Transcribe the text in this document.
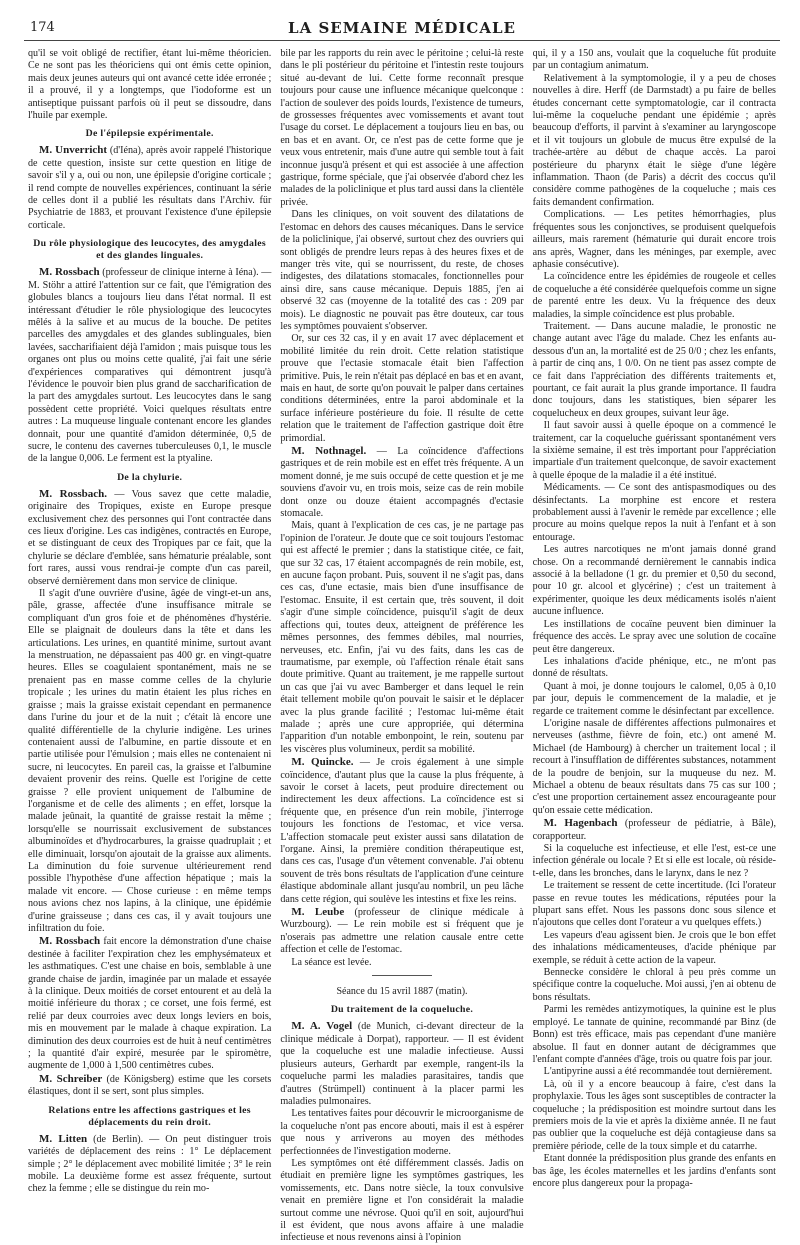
174	LA SEMAINE MÉDICALE

qu'il se voit obligé de rectifier, étant lui-même théoricien. Ce ne sont pas les théoriciens qui ont émis cette opinion, mais deux jeunes auteurs qui ont avancé cette idée erronée ; il a prouvé, il y a longtemps, que l'iodoforme est un antiseptique puissant parfois où il peut se dissoudre, dans l'huile par exemple.

De l'épilepsie expérimentale.

M. Unverricht (d'Iéna), après avoir rappelé l'historique de cette question, insiste sur cette question en litige de savoir s'il y a, oui ou non, une épilepsie d'origine corticale ; il rend compte de nouvelles expériences, continuant la série de celles dont il a publié les résultats dans l'Archiv. für Psychiatrie de 1883, et prouvant l'existence d'une épilepsie corticale.

Du rôle physiologique des leucocytes, des amygdales et des glandes linguales.

M. Rossbach (professeur de clinique interne à Iéna). — M. Stöhr a attiré l'attention sur ce fait, que l'émigration des globules blancs a toujours lieu dans l'état normal. Il est intéressant d'étudier le rôle physiologique des leucocytes mêlés à la salive et au mucus de la bouche. De petites parcelles des amygdales et des glandes sublinguales, bien lavées, saccharifiaient déjà l'amidon ; mais puisque tous les organes ont plus ou moins cette qualité, j'ai fait une série d'expériences comparatives qui démontrent jusqu'à l'évidence le pouvoir bien plus grand de saccharification de la part des amygdales surtout. Les leucocytes dans le sang possèdent cette propriété. Voici quelques résultats entre autres : La muqueuse linguale contenant encore les glandes donnait, pour une quantité d'amidon déterminée, 0,5 de sucre, le contenu des cavernes tuberculeuses 0,1, le muscle de la langue 0,006. Le ferment est la ptyaline.

De la chylurie.

M. Rossbach. — Vous savez que cette maladie, originaire des Tropiques, existe en Europe presque exclusivement chez des personnes qui l'ont contractée dans ces lieux d'origine. Les cas indigènes, contractés en Europe, et se distinguant de ceux des Tropiques par ce fait, que la chylurie se déclare d'emblée, sans hématurie préalable, sont fort rares, aussi vous rendrai-je compte d'un cas pareil, observé dernièrement dans mon service de clinique.

Il s'agit d'une ouvrière d'usine, âgée de vingt-et-un ans, pâle, grasse, affectée d'une insuffisance mitrale se compliquant d'un gros foie et de phénomènes d'hystérie. Elle se plaignait de douleurs dans la tête et dans les articulations. Les urines, en quantité minime, surtout avant la menstruation, ne dépassaient pas 400 gr. en vingt-quatre heures. Elles se coagulaient spontanément, mais ne se prenaient pas en masse comme celles de la chylurie tropicale ; les urines du matin étaient les plus riches en graisse ; mais la graisse existait cependant en permanence dans l'urine du jour et de la nuit ; c'était là encore une qualité différentielle de la chylurie indigène. Les urines contenaient aussi de l'albumine, en partie dissoute et en partie utilisée pour l'émulsion ; mais elles ne contenaient ni sucre, ni leucocytes. En pareil cas, la graisse et l'albumine devaient provenir des reins. Quelle est l'origine de cette graisse ? elle provient uniquement de l'albumine de l'organisme et de celle des aliments ; en effet, lorsque la malade jeûnait, la quantité de graisse restait la même ; lorsqu'elle se nourrissait exclusivement de substances albuminoïdes et d'hydrocarbures, la graisse quadruplait ; et elle diminuait, lorsqu'on ajoutait de la graisse aux aliments. La diminution du foie survenue ultérieurement rend possible l'hypothèse d'une affection hépatique ; mais la malade vit encore. — Chose curieuse : en même temps nous avions chez nos lapins, à la clinique, une épidémie d'urine graisseuse ; dans ces cas, il y avait toujours une infiltration du foie.

M. Rossbach fait encore la démonstration d'une chaise destinée à faciliter l'expiration chez les emphysémateux et les asthmatiques. C'est une chaise en bois, semblable à une grande chaise de jardin, imaginée par un malade et essayée à la clinique. Deux moitiés de corset entourent et au delà la moitié inférieure du thorax ; ce corset, une fois fermé, est relié par deux courroies avec deux longs leviers en bois, mis en mouvement par le malade à chaque expiration. La diminution des deux courroies est de huit à neuf centimètres ; la quantité d'air expiré, mesurée par le spiromètre, augmente de 1,000 à 1,500 centimètres cubes.

M. Schreiber (de Königsberg) estime que les corsets élastiques, dont il se sert, sont plus simples.

Relations entre les affections gastriques et les déplacements du rein droit.

M. Litten (de Berlin). — On peut distinguer trois variétés de déplacement des reins : 1° Le déplacement simple ; 2° le déplacement avec mobilité limitée ; 3° le rein mobile. La deuxième forme est assez fréquente, surtout chez la femme ; elle se distingue du rein mo-

bile par les rapports du rein avec le péritoine ; celui-là reste dans le pli postérieur du péritoine et l'intestin reste toujours situé au-devant de lui. Cette forme reconnaît presque toujours pour cause une influence mécanique quelconque : l'action de soulever des poids lourds, l'existence de tumeurs, de grossesses fréquentes avec vomissements et avant tout l'usage du corset. Le déplacement a toujours lieu en bas, ou en bas et en avant. Or, ce n'est pas de cette forme que je veux vous entretenir, mais d'une autre qui semble tout à fait inconnue jusqu'à présent et qui est associée à une affection gastrique, forme spéciale, que j'ai observée d'abord chez les malades de la policlinique et plus tard aussi dans la clientèle privée.

Dans les cliniques, on voit souvent des dilatations de l'estomac en dehors des causes mécaniques. Dans le service de la policlinique, j'ai observé, surtout chez des ouvriers qui sont obligés de prendre leurs repas à des heures fixes et de manger très vite, qui se nourrissent, du reste, de choses indigestes, des dilatations stomacales, fonctionnelles pour ainsi dire, sans cause mécanique. Depuis 1885, j'en ai observé 32 cas (moyenne de la totalité des cas : 209 par mois). Le diagnostic ne pouvait pas être douteux, car tous les symptômes pouvaient s'observer.

Or, sur ces 32 cas, il y en avait 17 avec déplacement et mobilité limitée du rein droit. Cette relation statistique prouve que l'ectasie stomacale était bien l'affection primitive. Puis, le rein n'était pas déplacé en bas et en avant, mais en haut, de sorte qu'on pouvait le palper dans certaines conditions déterminées, entre la paroi abdominale et la surface inférieure postérieure du foie. Il résulte de cette relation que le traitement de l'affection gastrique doit être primordial.

M. Nothnagel. — La coïncidence d'affections gastriques et de rein mobile est en effet très fréquente. A un moment donné, je me suis occupé de cette question et je me souviens d'avoir vu, en trois mois, seize cas de rein mobile dont onze ou douze étaient accompagnés d'ectasie stomacale.

Mais, quant à l'explication de ces cas, je ne partage pas l'opinion de l'orateur. Je doute que ce soit toujours l'estomac qui est affecté le premier ; dans la statistique citée, ce fait, que sur 32 cas, 17 étaient accompagnés de rein mobile, est, en aucune façon probant. Puis, souvent il ne s'agit pas, dans ces cas, d'une ectasie, mais bien d'une insuffisance de l'estomac. Ensuite, il est certain que, très souvent, il doit s'agir d'une simple coïncidence, puisqu'il s'agit de deux affections qui, toutes deux, atteignent de préférence les mêmes personnes, des femmes débiles, mal nourries, nerveuses, etc. Enfin, j'ai vu des faits, dans les cas de traumatisme, par exemple, où l'affection rénale était sans doute primitive. Quant au traitement, je me rappelle surtout un cas que j'ai vu avec Bamberger et dans lequel le rein était tellement mobile qu'on pouvait le saisir et le déplacer avec la plus grande facilité ; l'estomac lui-même était malade ; après une cure appropriée, qui détermina l'apparition d'un notable embonpoint, le rein, soutenu par les viscères plus volumineux, perdit sa mobilité.

M. Quincke. — Je crois également à une simple coïncidence, d'autant plus que la cause la plus fréquente, à savoir le corset à lacets, peut produire directement ou indirectement les deux affections. La coïncidence est si fréquente que, en présence d'un rein mobile, j'interroge toujours les fonctions de l'estomac, et vice versa. L'affection stomacale peut exister aussi sans dilatation de l'organe. Ainsi, la première condition thérapeutique est, dans ces cas, l'usage d'un vêtement convenable. J'ai obtenu souvent de très bons résultats de l'application d'une ceinture élastique abdominale allant jusqu'au nombril, un peu lâche dans cette région, qui soulève les intestins et fixe les reins.

M. Leube (professeur de clinique médicale à Wurzbourg). — Le rein mobile est si fréquent que je n'oserais pas admettre une relation causale entre cette affection et celle de l'estomac.

La séance est levée.

Séance du 15 avril 1887 (matin).
Du traitement de la coqueluche.

M. A. Vogel (de Munich, ci-devant directeur de la clinique médicale à Dorpat), rapporteur. — Il est évident que la coqueluche est une maladie infectieuse. Aussi plusieurs auteurs, Gerhardt par exemple, rangent-ils la coqueluche parmi les maladies parasitaires, tandis que d'autres (Strümpell) continuent à la placer parmi les maladies pulmonaires.

Les tentatives faites pour découvrir le microorganisme de la coqueluche n'ont pas encore abouti, mais il est à espérer que nous y arriverons au moyen des méthodes perfectionnées de l'investigation moderne.

Les symptômes ont été différemment classés. Jadis on étudiait en première ligne les symptômes gastriques, les vomissements, etc. Dans notre siècle, la toux convulsive venait en première ligne et l'on considérait la maladie surtout comme une névrose. Quoi qu'il en soit, aujourd'hui il est évident, que nous avons affaire à une maladie infectieuse et nous revenons ainsi à l'opinion

qui, il y a 150 ans, voulait que la coqueluche fût produite par un contagium animatum.

Relativement à la symptomologie, il y a peu de choses nouvelles à dire. Herff (de Darmstadt) a pu faire de belles études concernant cette symptomatologie, car il contracta lui-même la coqueluche pendant une épidémie ; après beaucoup d'efforts, il parvint à s'examiner au laryngoscope et il vit toujours un globule de mucus être expulsé de la trachée-artère au début de chaque accès. La paroi postérieure du pharynx était le siège d'une légère inflammation. Thaon (de Paris) a décrit des coccus qu'il considère comme pathogènes de la coqueluche ; mais ces faits demandent confirmation.

Complications. — Les petites hémorrhagies, plus fréquentes sous les conjonctives, se produisent quelquefois ailleurs, mais rarement (hématurie qui durait encore trois ans après, Wagner, dans les méninges, par exemple, avec aphasie consécutive).

La coïncidence entre les épidémies de rougeole et celles de coqueluche a été considérée quelquefois comme un signe de parenté entre les deux. Vu la fréquence des deux maladies, la simple coïncidence est plus probable.

Traitement. — Dans aucune maladie, le pronostic ne change autant avec l'âge du malade. Chez les enfants au-dessous d'un an, la mortalité est de 25 0/0 ; chez les enfants, à partir de cinq ans, 1 0/0. On ne tient pas assez compte de ce fait dans l'appréciation des différents traitements et, pourtant, ce fait aurait la plus grande importance. Il faudra donc toujours, dans les statistiques, bien séparer les coquelucheux en deux groupes, suivant leur âge.

Il faut savoir aussi à quelle époque on a commencé le traitement, car la coqueluche guérissant spontanément vers la sixième semaine, il est très important pour l'appréciation impartiale d'un traitement quelconque, de savoir exactement à quelle époque de la maladie il a été institué.

Médicaments. — Ce sont des antispasmodiques ou des désinfectants. La morphine est encore et restera probablement aussi à l'avenir le remède par excellence ; elle procure au moins quelque repos la nuit à l'enfant et à son entourage.

Les autres narcotiques ne m'ont jamais donné grand chose. On a recommandé dernièrement le cannabis indica associé à la belladone (1 gr. du premier et 0,50 du second, pour 10 gr. alcool et glycérine) ; c'est un traitement à expérimenter, quoique les deux médicaments isolés n'aient aucune influence.

Les instillations de cocaïne peuvent bien diminuer la fréquence des accès. Le spray avec une solution de cocaïne peut être dangereux.

Les inhalations d'acide phénique, etc., ne m'ont pas donné de résultats.

Quant à moi, je donne toujours le calomel, 0,05 à 0,10 par jour, depuis le commencement de la maladie, et je regarde ce traitement comme le désinfectant par excellence.

L'origine nasale de différentes affections pulmonaires et nerveuses (asthme, fièvre de foin, etc.) ont amené M. Michael (de Hambourg) à chercher un traitement local ; il recourt à l'insufflation de différentes substances, notamment de la poudre de benjoin, sur la muqueuse du nez. M. Michael a obtenu de beaux résultats dans 75 cas sur 100 ; c'est une proportion certainement assez encourageante pour qu'on essaie cette médication.

M. Hagenbach (professeur de pédiatrie, à Bâle), corapporteur.

Si la coqueluche est infectieuse, et elle l'est, est-ce une infection générale ou locale ? Et si elle est locale, où réside-t-elle, dans les bronches, dans le larynx, dans le nez ?

Le traitement se ressent de cette incertitude. (Ici l'orateur passe en revue toutes les médications, réputées pour la plupart sans effet. Nous les passons donc sous silence et n'ajoutons que celles dont l'orateur a vu quelques effets.)

Les vapeurs d'eau agissent bien. Je crois que le bon effet des inhalations médicamenteuses, d'acide phénique par exemple, se réduit à cette action de la vapeur.

Bennecke considère le chloral à peu près comme un spécifique contre la coqueluche. Moi aussi, j'en ai obtenu de bons résultats.

Parmi les remèdes antizymotiques, la quinine est le plus employé. Le tannate de quinine, recommandé par Binz (de Bonn) est très efficace, mais pas cependant d'une manière absolue. Il faut en donner autant de décigrammes que l'enfant compte d'années d'âge, trois ou quatre fois par jour.

L'antipyrine aussi a été recommandée tout dernièrement.

Là, où il y a encore beaucoup à faire, c'est dans la prophylaxie. Tous les âges sont susceptibles de contracter la coqueluche ; la prédisposition est moindre surtout dans les premiers mois de la vie et après la dixième année. Il ne faut pas oublier que la coqueluche est déjà contagieuse dans sa première période, celle de la toux simple et du catarrhe.

Etant donnée la prédisposition plus grande des enfants en bas âge, les écoles maternelles et les jardins d'enfants sont encore plus dangereux pour la propaga-
